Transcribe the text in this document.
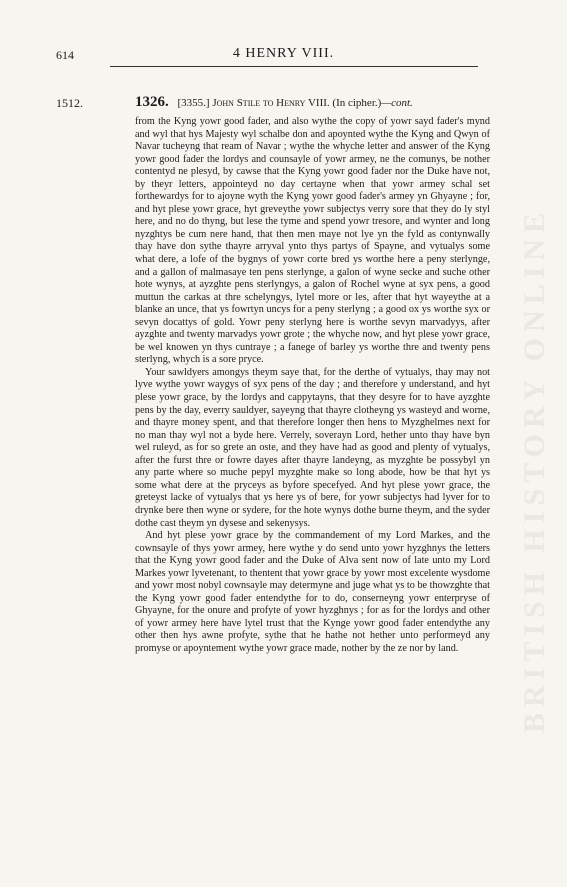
614	4 HENRY VIII.
1512.	1326. [3355.] John Stile to Henry VIII. (In cipher.)—cont.

from the Kyng yowr good fader, and also wythe the copy of yowr sayd fader's mynd and wyl that hys Majesty wyl schalbe don and apoynted wythe the Kyng and Qwyn of Navar tucheyng that ream of Navar ; wythe the whyche letter and answer of the Kyng yowr good fader the lordys and counsayle of yowr armey, ne the comunys, be nother contentyd ne plesyd, by cawse that the Kyng yowr good fader nor the Duke have not, by theyr letters, appointeyd no day certayne when that yowr armey schal set forthewardys for to ajoyne wyth the Kyng yowr good fader's armey yn Ghyayne ; for, and hyt plese yowr grace, hyt greveythe yowr subjectys verry sore that they do ly styl here, and no do thyng, but lese the tyme and spend yowr tresore, and wynter and long nyzghtys be cum nere hand, that then men maye not lye yn the fyld as contynwally thay have don sythe thayre arryval ynto thys partys of Spayne, and vytualys some what dere, a lofe of the bygnys of yowr corte bred ys worthe here a peny sterlynge, and a gallon of malmasaye ten pens sterlynge, a galon of wyne secke and suche other hote wynys, at ayzghte pens sterlyngys, a galon of Rochel wyne at syx pens, a good muttun the carkas at thre schelyngys, lytel more or les, after that hyt wayeythe at a blanke an unce, that ys fowrtyn uncys for a peny sterlyng ; a good ox ys worthe syx or sevyn docattys of gold. Yowr peny sterlyng here is worthe sevyn marvadyys, after ayzghte and twenty marvadys yowr grote ; the whyche now, and hyt plese yowr grace, be wel knowen yn thys cuntraye ; a fanege of barley ys worthe thre and twenty pens sterlyng, whych is a sore pryce.

Your sawldyers amongys theym saye that, for the derthe of vytualys, thay may not lyve wythe yowr waygys of syx pens of the day ; and therefore y understand, and hyt plese yowr grace, by the lordys and cappytayns, that they desyre for to have ayzghte pens by the day, everry sauldyer, sayeyng that thayre clotheyng ys wasteyd and worne, and thayre money spent, and that therefore longer then hens to Myzghelmes next for no man thay wyl not a byde here. Verrely, soverayn Lord, hether unto thay have byn wel ruleyd, as for so grete an oste, and they have had as good and plenty of vytualys, after the furst thre or fowre dayes after thayre landeyng, as myzghte be possybyl yn any parte where so muche pepyl myzghte make so long abode, how be that hyt ys some what dere at the pryceys as byfore specefyed. And hyt plese yowr grace, the greteyst lacke of vytualys that ys here ys of bere, for yowr subjectys had lyver for to drynke bere then wyne or sydere, for the hote wynys dothe burne theym, and the syder dothe cast theym yn dysese and sekenysys.

And hyt plese yowr grace by the commandement of my Lord Markes, and the cownsayle of thys yowr armey, here wythe y do send unto yowr hyzghnys the letters that the Kyng yowr good fader and the Duke of Alva sent now of late unto my Lord Markes yowr lyvetenant, to thentent that yowr grace by yowr most excelente wysdome and yowr most nobyl cownsayle may determyne and juge what ys to be thowzghte that the Kyng yowr good fader entendythe for to do, conserneyng yowr enterpryse of Ghyayne, for the onure and profyte of yowr hyzghnys ; for as for the lordys and other of yowr armey here have lytel trust that the Kynge yowr good fader entendythe any other then hys awne profyte, sythe that he hathe not hether unto performeyd any promyse or apoyntement wythe yowr grace made, nother by the ze nor by land.	BRITISH HISTORY ONLINE
